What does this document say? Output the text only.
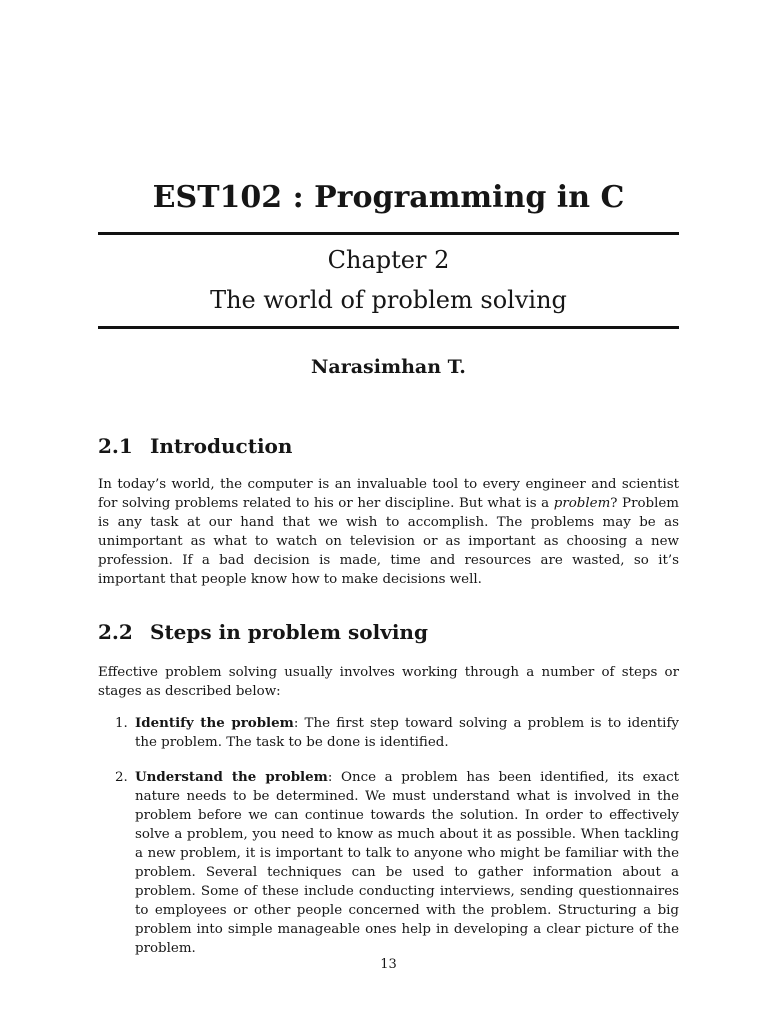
EST102 : Programming in C
Chapter 2
The world of problem solving
Narasimhan T.
2.1 Introduction

In today’s world, the computer is an invaluable tool to every engineer and scientist for solving problems related to his or her discipline. But what is a problem? Problem is any task at our hand that we wish to accomplish. The problems may be as unimportant as what to watch on television or as important as choosing a new profession. If a bad decision is made, time and resources are wasted, so it’s important that people know how to make decisions well.

2.2 Steps in problem solving

Effective problem solving usually involves working through a number of steps or stages as described below:

1. Identify the problem: The first step toward solving a problem is to identify the problem. The task to be done is identified.
2. Understand the problem: Once a problem has been identified, its exact nature needs to be determined. We must understand what is involved in the problem before we can continue towards the solution. In order to effectively solve a problem, you need to know as much about it as possible. When tackling a new problem, it is important to talk to anyone who might be familiar with the problem. Several techniques can be used to gather information about a problem. Some of these include conducting interviews, sending questionnaires to employees or other people concerned with the problem. Structuring a big problem into simple manageable ones help in developing a clear picture of the problem.
13
